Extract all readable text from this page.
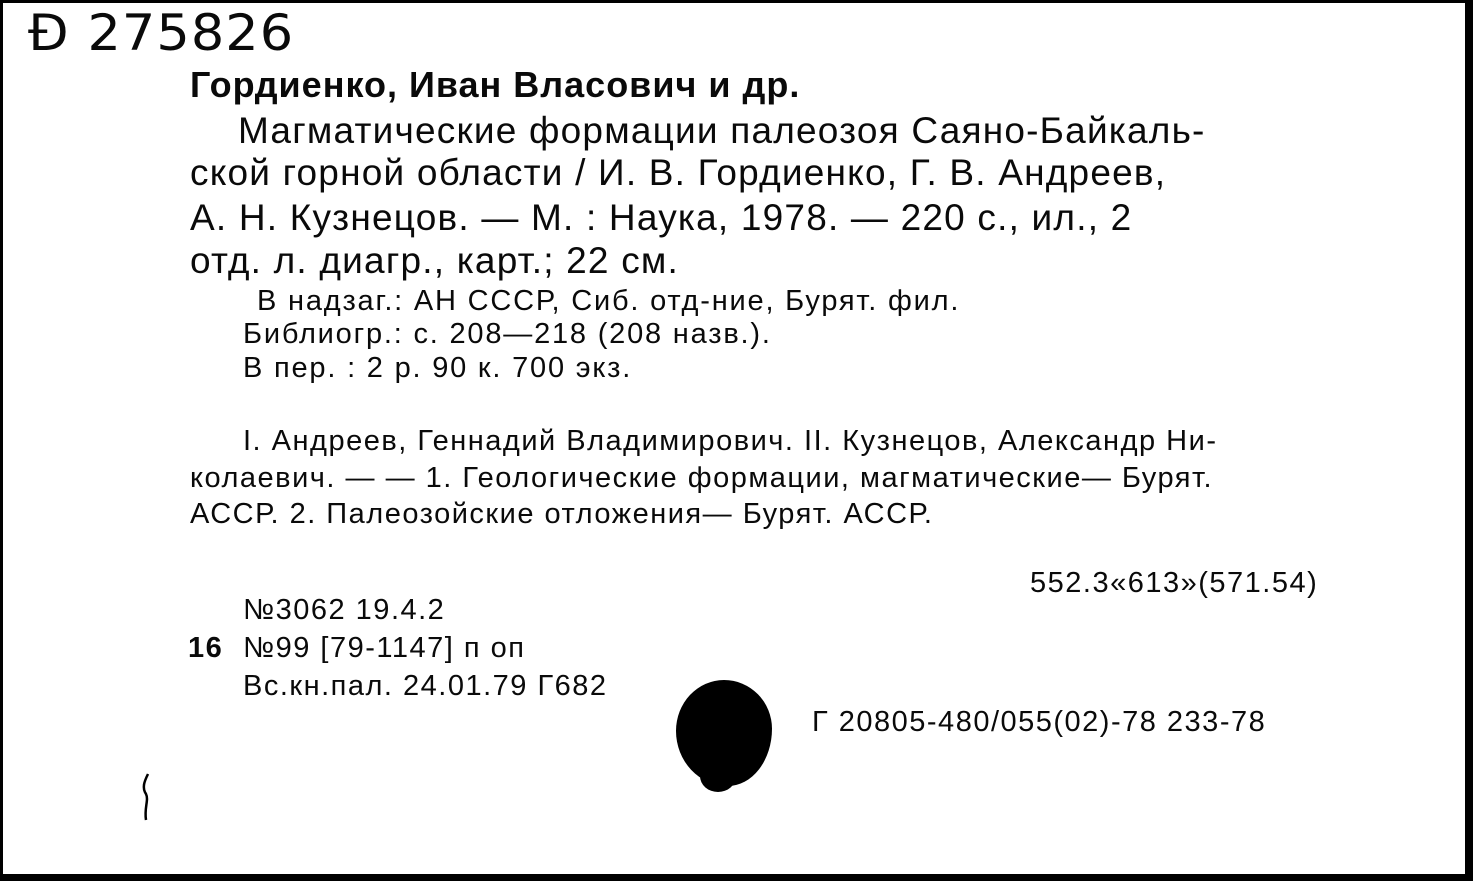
Ð 275826
Гордиенко, Иван Власович и др.
Магматические формации палеозоя Саяно-Байкаль-
ской горной области / И. В. Гордиенко, Г. В. Андреев,
А. Н. Кузнецов. — М. : Наука, 1978. — 220 с., ил., 2
отд. л. диагр., карт.; 22 см.
В надзаг.: АН СССР, Сиб. отд-ние, Бурят. фил.
Библиогр.: с. 208—218 (208 назв.).
В пер. : 2 р. 90 к. 700 экз.
I. Андреев, Геннадий Владимирович. II. Кузнецов, Александр Ни-
колаевич. — — 1. Геологические формации, магматические— Бурят.
АССР. 2. Палеозойские отложения— Бурят. АССР.
552.3«613»(571.54)
№3062 19.4.2
16 №99 [79-1147] п оп
Вс.кн.пал. 24.01.79 Г682
Г 20805-480/055(02)-78 233-78
